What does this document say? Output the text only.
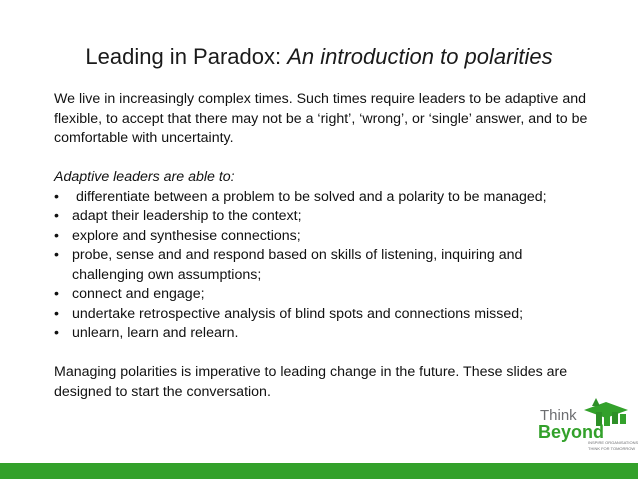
Leading in Paradox: An introduction to polarities

We live in increasingly complex times. Such times require leaders to be adaptive and flexible, to accept that there may not be a ‘right’, ‘wrong’, or ‘single’ answer, and to be comfortable with uncertainty.

Adaptive leaders are able to:

• differentiate between a problem to be solved and a polarity to be managed;
• adapt their leadership to the context;
• explore and synthesise connections;
• probe, sense and and respond based on skills of listening, inquiring and challenging own assumptions;
• connect and engage;
• undertake retrospective analysis of blind spots and connections missed;
• unlearn, learn and relearn.

Managing polarities is imperative to leading change in the future. These slides are designed to start the conversation.

Think
Beyond
INSPIRE ORGANISATIONS
THINK FOR TOMORROW
